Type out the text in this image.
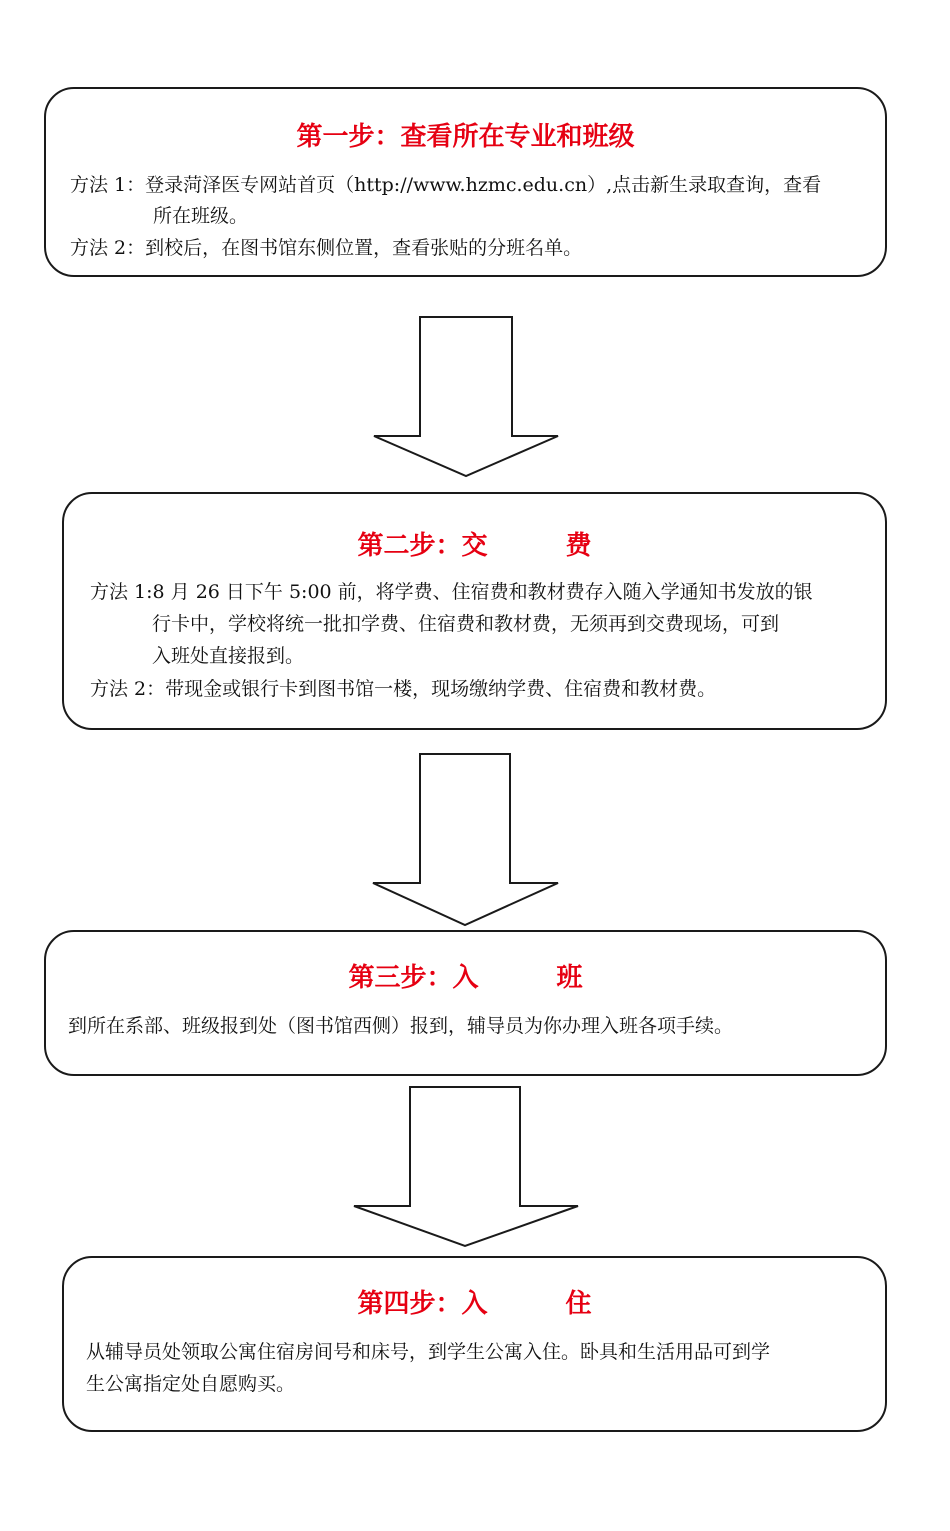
第一步：查看所在专业和班级
方法 1：登录菏泽医专网站首页（http://www.hzmc.edu.cn）,点击新生录取查询，查看
所在班级。
方法 2：到校后，在图书馆东侧位置，查看张贴的分班名单。
第二步：交　　　费
方法 1:8 月 26 日下午 5:00 前，将学费、住宿费和教材费存入随入学通知书发放的银
行卡中，学校将统一批扣学费、住宿费和教材费，无须再到交费现场，可到
入班处直接报到。
方法 2：带现金或银行卡到图书馆一楼，现场缴纳学费、住宿费和教材费。
第三步：入　　　班
到所在系部、班级报到处（图书馆西侧）报到，辅导员为你办理入班各项手续。
第四步：入　　　住
从辅导员处领取公寓住宿房间号和床号，到学生公寓入住。卧具和生活用品可到学
生公寓指定处自愿购买。
